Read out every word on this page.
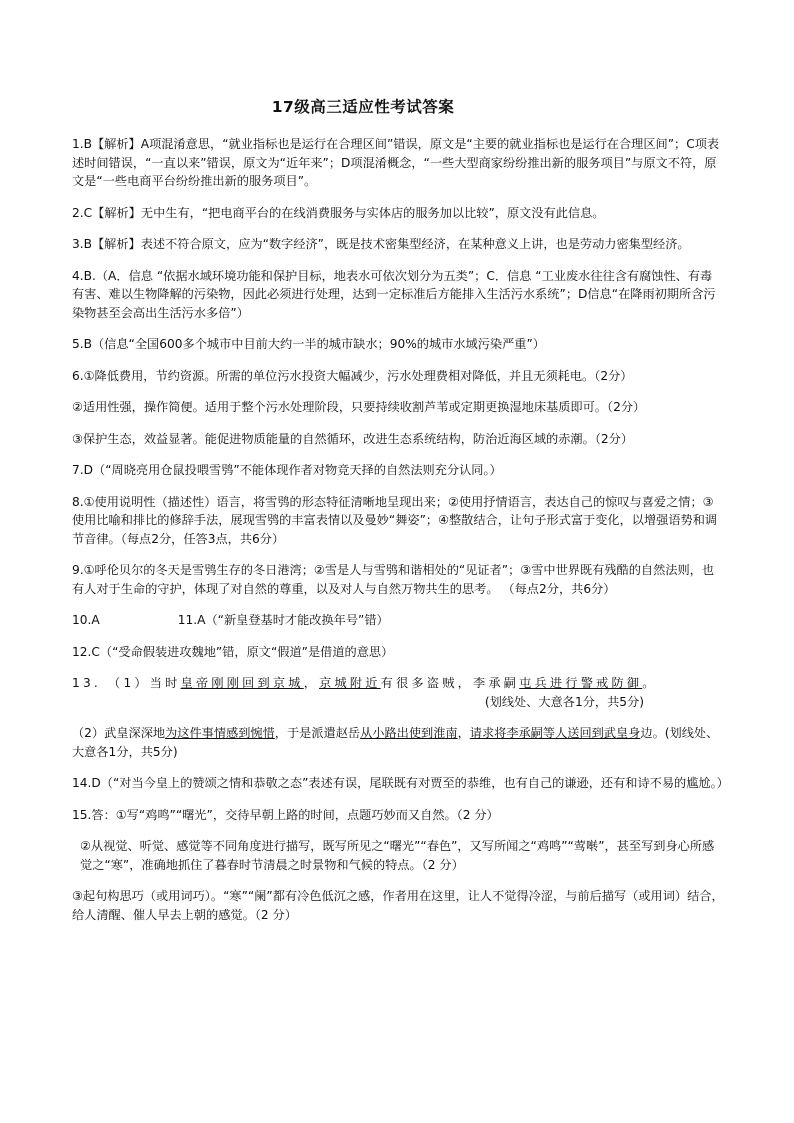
17级高三适应性考试答案

1.B【解析】A项混淆意思，“就业指标也是运行在合理区间”错误，原文是“主要的就业指标也是运行在合理区间”；C项表述时间错误，“一直以来”错误，原文为“近年来”；D项混淆概念，“一些大型商家纷纷推出新的服务项目”与原文不符，原文是“一些电商平台纷纷推出新的服务项目”。

2.C【解析】无中生有，“把电商平台的在线消费服务与实体店的服务加以比较”，原文没有此信息。

3.B【解析】表述不符合原文，应为“数字经济”，既是技术密集型经济，在某种意义上讲，也是劳动力密集型经济。

4.B.（A．信息 “依据水域环境功能和保护目标，地表水可依次划分为五类”；C．信息 “工业废水往往含有腐蚀性、有毒有害、难以生物降解的污染物，因此必须进行处理，达到一定标准后方能排入生活污水系统”；D信息“在降雨初期所含污染物甚至会高出生活污水多倍”）

5.B（信息“全国600多个城市中目前大约一半的城市缺水；90%的城市水域污染严重”）

6.①降低费用，节约资源。所需的单位污水投资大幅减少，污水处理费相对降低，并且无须耗电。（2分）

②适用性强，操作简便。适用于整个污水处理阶段，只要持续收割芦苇或定期更换湿地床基质即可。（2分）

③保护生态，效益显著。能促进物质能量的自然循环，改进生态系统结构，防治近海区域的赤潮。（2分）

7.D（“周晓亮用仓鼠投喂雪鸮”不能体现作者对物竞天择的自然法则充分认同。）

8.①使用说明性（描述性）语言，将雪鸮的形态特征清晰地呈现出来；②使用抒情语言，表达自己的惊叹与喜爱之情；③使用比喻和排比的修辞手法，展现雪鸮的丰富表情以及曼妙“舞姿”；④整散结合，让句子形式富于变化，以增强语势和调节音律。（每点2分，任答3点，共6分）

9.①呼伦贝尔的冬天是雪鸮生存的冬日港湾；②雪是人与雪鸮和谐相处的“见证者”；③雪中世界既有残酷的自然法则，也有人对于生命的守护，体现了对自然的尊重，以及对人与自然万物共生的思考。 （每点2分，共6分）

10.A	11.A（“新皇登基时才能改换年号”错）

12.C（“受命假装进攻魏地”错，原文“假道”是借道的意思）

13. （1）当时皇帝刚刚回到京城，京城附近有很多盗贼，李承嗣屯兵进行警戒防御。

(划线处、大意各1分，共5分)

（2）武皇深深地为这件事情感到惋惜，于是派遣赵岳从小路出使到淮南，请求将李承嗣等人送回到武皇身边。(划线处、大意各1分，共5分)

14.D（“对当今皇上的赞颂之情和恭敬之态”表述有误，尾联既有对贾至的恭维，也有自己的谦逊，还有和诗不易的尴尬。）

15.答：①写“鸡鸣”“曙光”，交待早朝上路的时间，点题巧妙而又自然。（2 分）

②从视觉、听觉、感觉等不同角度进行描写，既写所见之“曙光”“春色”，又写所闻之“鸡鸣”“莺啭”，甚至写到身心所感觉之“寒”，准确地抓住了暮春时节清晨之时景物和气候的特点。（2 分）

③起句构思巧（或用词巧）。“寒”“阑”都有冷色低沉之感，作者用在这里，让人不觉得冷涩，与前后描写（或用词）结合，给人清醒、催人早去上朝的感觉。（2 分）
